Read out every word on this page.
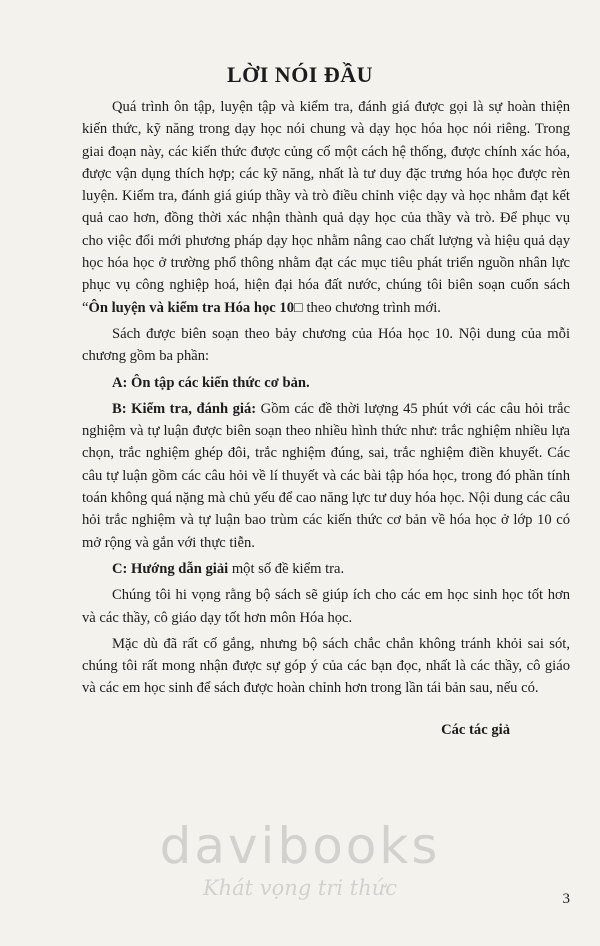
LỜI NÓI ĐẦU

Quá trình ôn tập, luyện tập và kiểm tra, đánh giá được gọi là sự hoàn thiện kiến thức, kỹ năng trong dạy học nói chung và dạy học hóa học nói riêng. Trong giai đoạn này, các kiến thức được củng cố một cách hệ thống, được chính xác hóa, được vận dụng thích hợp; các kỹ năng, nhất là tư duy đặc trưng hóa học được rèn luyện. Kiểm tra, đánh giá giúp thầy và trò điều chỉnh việc dạy và học nhằm đạt kết quả cao hơn, đồng thời xác nhận thành quả dạy học của thầy và trò. Để phục vụ cho việc đổi mới phương pháp dạy học nhằm nâng cao chất lượng và hiệu quả dạy học hóa học ở trường phổ thông nhằm đạt các mục tiêu phát triển nguồn nhân lực phục vụ công nghiệp hoá, hiện đại hóa đất nước, chúng tôi biên soạn cuốn sách “Ôn luyện và kiểm tra Hóa học 10□ theo chương trình mới.

Sách được biên soạn theo bảy chương của Hóa học 10. Nội dung của mỗi chương gồm ba phần:

A: Ôn tập các kiến thức cơ bản.

B: Kiểm tra, đánh giá: Gồm các đề thời lượng 45 phút với các câu hỏi trắc nghiệm và tự luận được biên soạn theo nhiều hình thức như: trắc nghiệm nhiều lựa chọn, trắc nghiệm ghép đôi, trắc nghiệm đúng, sai, trắc nghiệm điền khuyết. Các câu tự luận gồm các câu hỏi về lí thuyết và các bài tập hóa học, trong đó phần tính toán không quá nặng mà chủ yếu để cao năng lực tư duy hóa học. Nội dung các câu hỏi trắc nghiệm và tự luận bao trùm các kiến thức cơ bản về hóa học ở lớp 10 có mở rộng và gắn với thực tiễn.

C: Hướng dẫn giải một số đề kiểm tra.

Chúng tôi hi vọng rằng bộ sách sẽ giúp ích cho các em học sinh học tốt hơn và các thầy, cô giáo dạy tốt hơn môn Hóa học.

Mặc dù đã rất cố gắng, nhưng bộ sách chắc chắn không tránh khỏi sai sót, chúng tôi rất mong nhận được sự góp ý của các bạn đọc, nhất là các thầy, cô giáo và các em học sinh để sách được hoàn chỉnh hơn trong lần tái bản sau, nếu có.

Các tác giả
davibooks
Khát vọng tri thức	3
